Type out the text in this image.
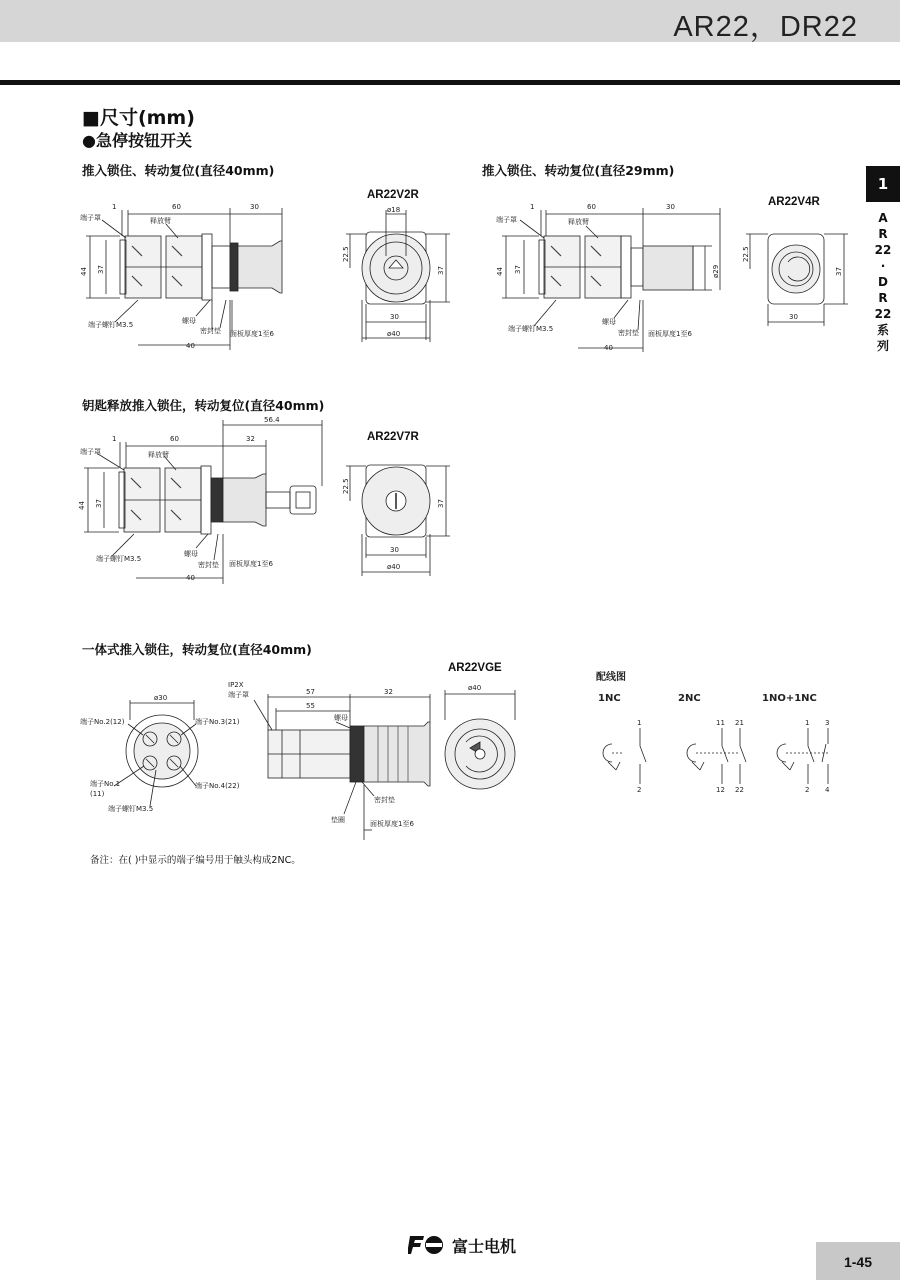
AR22，DR22
1
A
R
22
·
D
R
22
系
列
■尺寸(mm)
●急停按钮开关
推入锁住、转动复位(直径40mm)	推入锁住、转动复位(直径29mm)
钥匙释放推入锁住，转动复位(直径40mm)
一体式推入锁住，转动复位(直径40mm)
AR22V2R
AR22V4R
AR22V7R
AR22VGE
1	60	30
44 37
40
端子罩	释放臂
端子螺钉M3.5	螺母
密封垫 面板厚度1至6
ø18
22.5
37
30
ø40
1	60	30
44 37
40
ø29
端子罩	释放臂
端子螺钉M3.5
螺母
密封垫 面板厚度1至6
22.5
37
30
56.4
1	60	32
44 37
40
端子罩	释放臂
端子螺钉M3.5
螺母
密封垫 面板厚度1至6
22.5
37
30
ø40
ø30
端子No.2(12)	端子No.3(21)
端子No.1
(11)
端子No.4(22)
端子螺钉M3.5
IP2X
端子罩	57
55
32
螺母
密封垫
垫圈	面板厚度1至6
ø40
配线图
1NC	2NC	1NO+1NC
1
2
11 21
12 22
1 3
2 4
备注：在( )中显示的端子编号用于触头构成2NC。
富士电机
1-45
